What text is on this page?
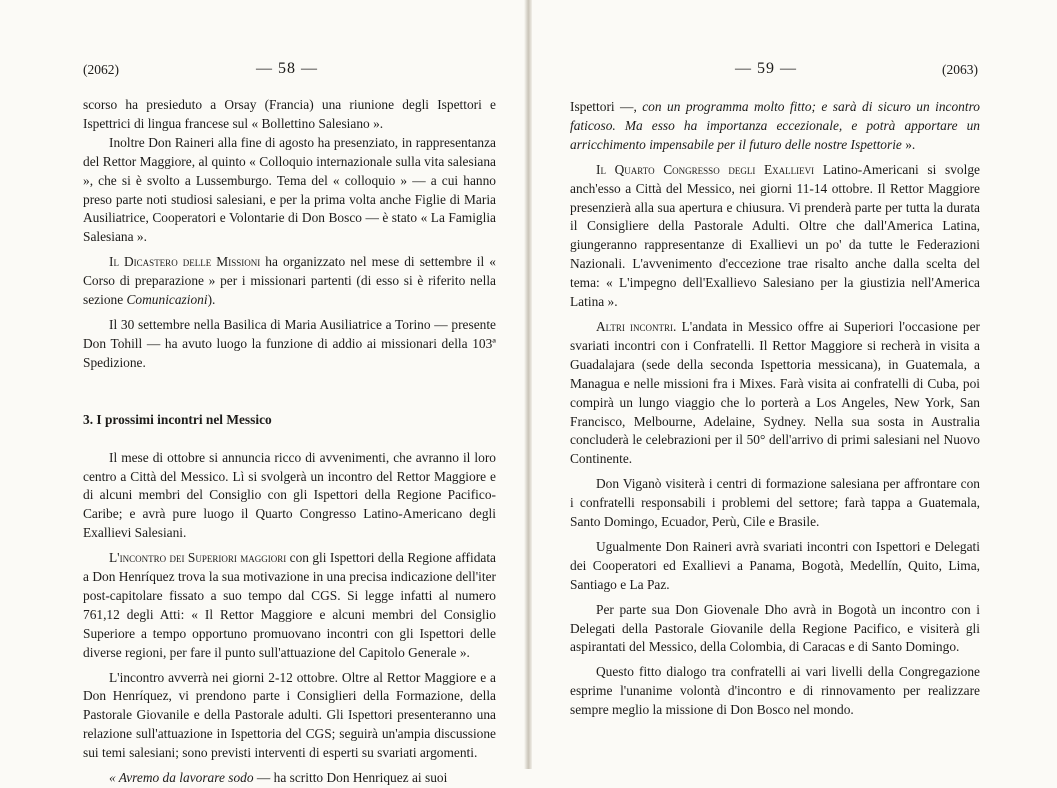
(2062)	— 58 —

scorso ha presieduto a Orsay (Francia) una riunione degli Ispettori e Ispettrici di lingua francese sul « Bollettino Salesiano ».

Inoltre Don Raineri alla fine di agosto ha presenziato, in rappresentanza del Rettor Maggiore, al quinto « Colloquio internazionale sulla vita salesiana », che si è svolto a Lussemburgo. Tema del « colloquio » — a cui hanno preso parte noti studiosi salesiani, e per la prima volta anche Figlie di Maria Ausiliatrice, Cooperatori e Volontarie di Don Bosco — è stato « La Famiglia Salesiana ».

Il Dicastero delle Missioni ha organizzato nel mese di settembre il « Corso di preparazione » per i missionari partenti (di esso si è riferito nella sezione Comunicazioni).

Il 30 settembre nella Basilica di Maria Ausiliatrice a Torino — presente Don Tohill — ha avuto luogo la funzione di addio ai missionari della 103ª Spedizione.

3. I prossimi incontri nel Messico

Il mese di ottobre si annuncia ricco di avvenimenti, che avranno il loro centro a Città del Messico. Lì si svolgerà un incontro del Rettor Maggiore e di alcuni membri del Consiglio con gli Ispettori della Regione Pacifico-Caribe; e avrà pure luogo il Quarto Congresso Latino-Americano degli Exallievi Salesiani.

L'incontro dei Superiori maggiori con gli Ispettori della Regione affidata a Don Henríquez trova la sua motivazione in una precisa indicazione dell'iter post-capitolare fissato a suo tempo dal CGS. Si legge infatti al numero 761,12 degli Atti: « Il Rettor Maggiore e alcuni membri del Consiglio Superiore a tempo opportuno promuovano incontri con gli Ispettori delle diverse regioni, per fare il punto sull'attuazione del Capitolo Generale ».

L'incontro avverrà nei giorni 2-12 ottobre. Oltre al Rettor Maggiore e a Don Henríquez, vi prendono parte i Consiglieri della Formazione, della Pastorale Giovanile e della Pastorale adulti. Gli Ispettori presenteranno una relazione sull'attuazione in Ispettoria del CGS; seguirà un'ampia discussione sui temi salesiani; sono previsti interventi di esperti su svariati argomenti.

« Avremo da lavorare sodo — ha scritto Don Henriquez ai suoi

— 59 —	(2063)

Ispettori —, con un programma molto fitto; e sarà di sicuro un incontro faticoso. Ma esso ha importanza eccezionale, e potrà apportare un arricchimento impensabile per il futuro delle nostre Ispettorie ».

Il Quarto Congresso degli Exallievi Latino-Americani si svolge anch'esso a Città del Messico, nei giorni 11-14 ottobre. Il Rettor Maggiore presenzierà alla sua apertura e chiusura. Vi prenderà parte per tutta la durata il Consigliere della Pastorale Adulti. Oltre che dall'America Latina, giungeranno rappresentanze di Exallievi un po' da tutte le Federazioni Nazionali. L'avvenimento d'eccezione trae risalto anche dalla scelta del tema: « L'impegno dell'Exallievo Salesiano per la giustizia nell'America Latina ».

Altri incontri. L'andata in Messico offre ai Superiori l'occasione per svariati incontri con i Confratelli. Il Rettor Maggiore si recherà in visita a Guadalajara (sede della seconda Ispettoria messicana), in Guatemala, a Managua e nelle missioni fra i Mixes. Farà visita ai confratelli di Cuba, poi compirà un lungo viaggio che lo porterà a Los Angeles, New York, San Francisco, Melbourne, Adelaine, Sydney. Nella sua sosta in Australia concluderà le celebrazioni per il 50° dell'arrivo di primi salesiani nel Nuovo Continente.

Don Viganò visiterà i centri di formazione salesiana per affrontare con i confratelli responsabili i problemi del settore; farà tappa a Guatemala, Santo Domingo, Ecuador, Perù, Cile e Brasile.

Ugualmente Don Raineri avrà svariati incontri con Ispettori e Delegati dei Cooperatori ed Exallievi a Panama, Bogotà, Medellín, Quito, Lima, Santiago e La Paz.

Per parte sua Don Giovenale Dho avrà in Bogotà un incontro con i Delegati della Pastorale Giovanile della Regione Pacifico, e visiterà gli aspirantati del Messico, della Colombia, di Caracas e di Santo Domingo.

Questo fitto dialogo tra confratelli ai vari livelli della Congregazione esprime l'unanime volontà d'incontro e di rinnovamento per realizzare sempre meglio la missione di Don Bosco nel mondo.
